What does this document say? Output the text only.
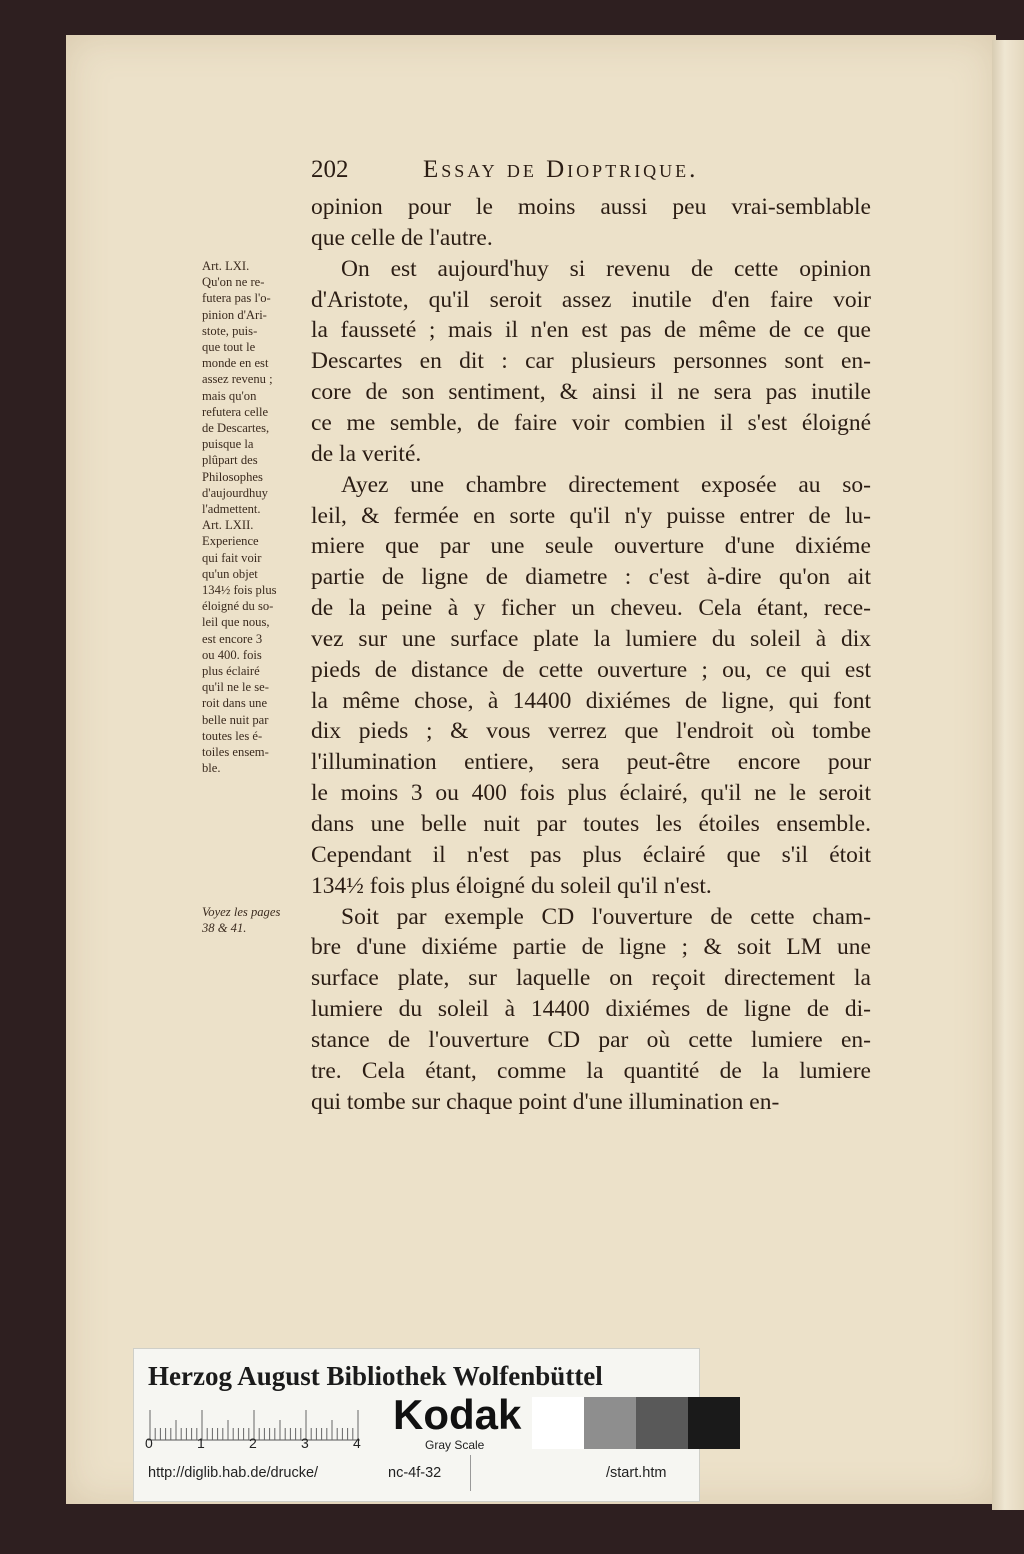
202	Essay de Dioptrique.
opinion pour le moins aussi peu vrai-semblable
que celle de l'autre.
On est aujourd'huy si revenu de cette opinion
d'Aristote, qu'il seroit assez inutile d'en faire voir
la fausseté ; mais il n'en est pas de même de ce que
Descartes en dit : car plusieurs personnes sont en-
core de son sentiment, & ainsi il ne sera pas inutile
ce me semble, de faire voir combien il s'est éloigné
de la verité.
Ayez une chambre directement exposée au so-
leil, & fermée en sorte qu'il n'y puisse entrer de lu-
miere que par une seule ouverture d'une dixiéme
partie de ligne de diametre : c'est à-dire qu'on ait
de la peine à y ficher un cheveu. Cela étant, rece-
vez sur une surface plate la lumiere du soleil à dix
pieds de distance de cette ouverture ; ou, ce qui est
la même chose, à 14400 dixiémes de ligne, qui font
dix pieds ; & vous verrez que l'endroit où tombe
l'illumination entiere, sera peut-être encore pour
le moins 3 ou 400 fois plus éclairé, qu'il ne le seroit
dans une belle nuit par toutes les étoiles ensemble.
Cependant il n'est pas plus éclairé que s'il étoit
134½ fois plus éloigné du soleil qu'il n'est.
Soit par exemple CD l'ouverture de cette cham-
bre d'une dixiéme partie de ligne ; & soit LM une
surface plate, sur laquelle on reçoit directement la
lumiere du soleil à 14400 dixiémes de ligne de di-
stance de l'ouverture CD par où cette lumiere en-
tre. Cela étant, comme la quantité de la lumiere
qui tombe sur chaque point d'une illumination en-
Art. LXI.
Qu'on ne re-
futera pas l'o-
pinion d'Ari-
stote, puis-
que tout le
monde en est
assez revenu ;
mais qu'on
refutera celle
de Descartes,
puisque la
plûpart des
Philosophes
d'aujourdhuy
l'admettent.
Art. LXII.
Experience
qui fait voir
qu'un objet
134½ fois plus
éloigné du so-
leil que nous,
est encore 3
ou 400. fois
plus éclairé
qu'il ne le se-
roit dans une
belle nuit par
toutes les é-
toiles ensem-
ble.
Voyez les pages
38 & 41.
Herzog August Bibliothek Wolfenbüttel
0	1	2	3	4
Kodak
Gray Scale
http://diglib.hab.de/drucke/	nc-4f-32	/start.htm
